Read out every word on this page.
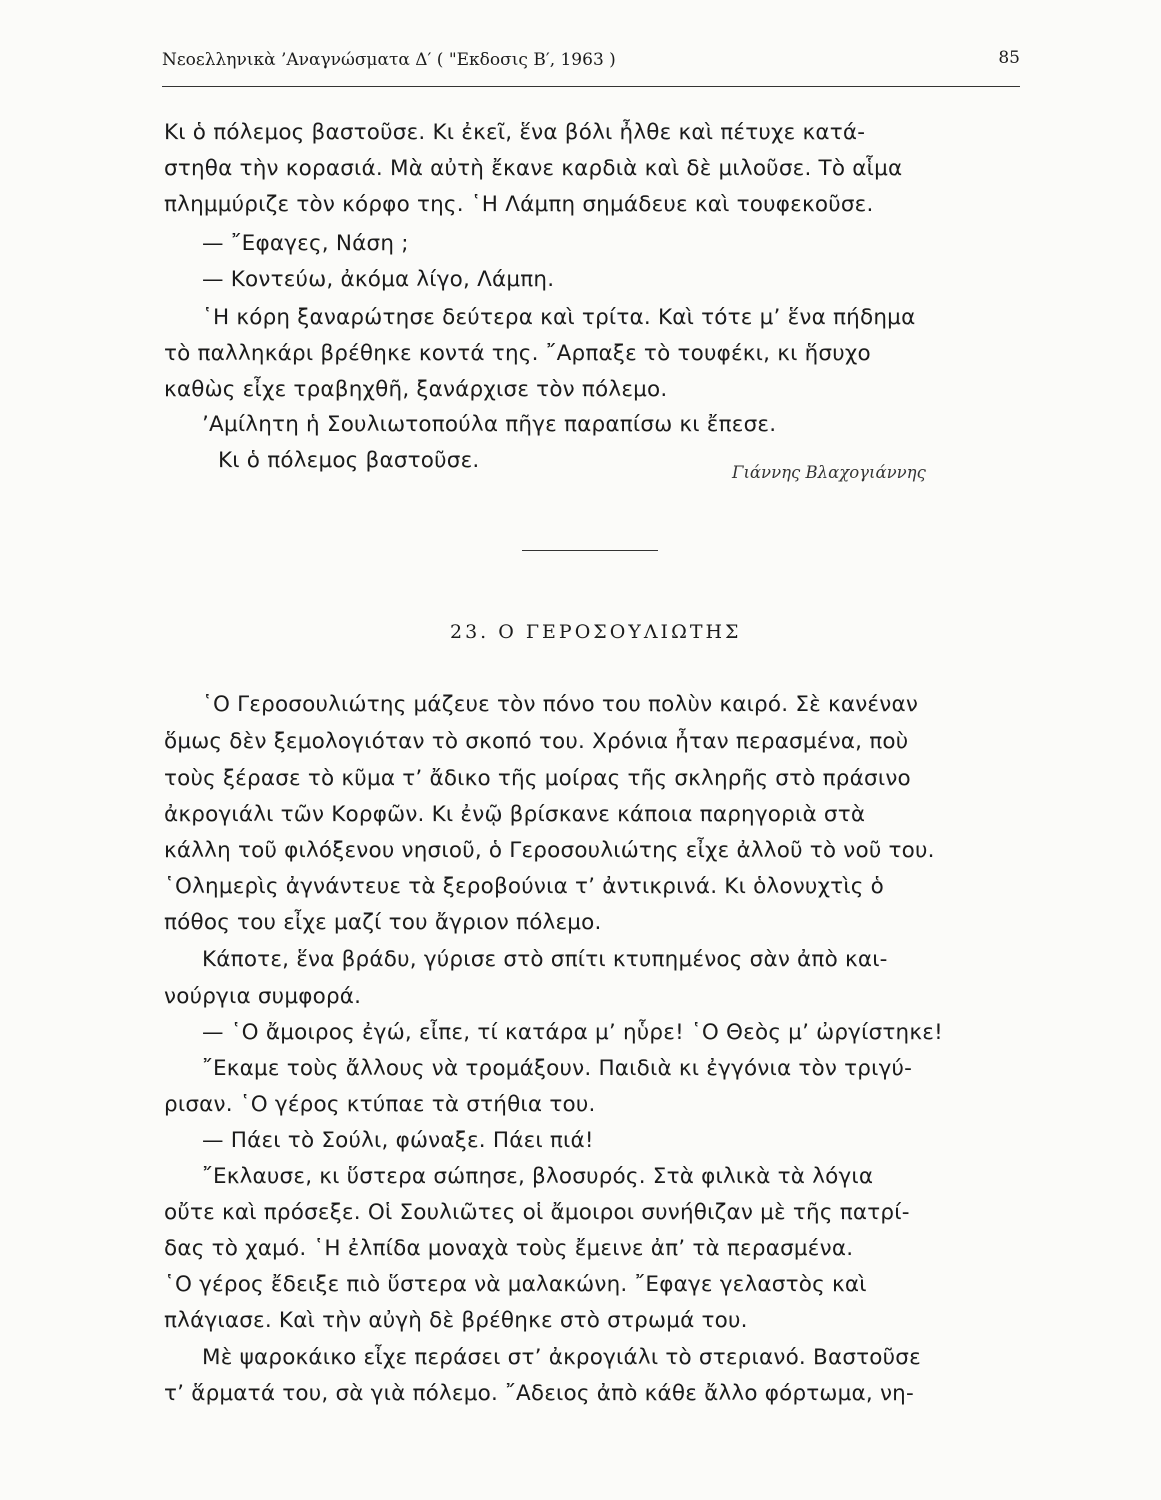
Νεοελληνικὰ ’Αναγνώσματα Δ′ ( "Εκδοσις Β′, 1963 )	85
Κι ὁ πόλεμος βαστοῦσε. Κι ἐκεῖ, ἕνα βόλι ἦλθε καὶ πέτυχε κατά-
στηθα τὴν κορασιά. Μὰ αὐτὴ ἔκανε καρδιὰ καὶ δὲ μιλοῦσε. Τὸ αἷμα
πλημμύριζε τὸν κόρφο της. ῾Η Λάμπη σημάδευε καὶ τουφεκοῦσε.
— ῎Εφαγες, Νάση ;
— Κοντεύω, ἀκόμα λίγο, Λάμπη.
῾Η κόρη ξαναρώτησε δεύτερα καὶ τρίτα. Καὶ τότε μ’ ἕνα πήδημα
τὸ παλληκάρι βρέθηκε κοντά της. ῎Αρπαξε τὸ τουφέκι, κι ἥσυχο
καθὼς εἶχε τραβηχθῆ, ξανάρχισε τὸν πόλεμο.
’Αμίλητη ἡ Σουλιωτοπούλα πῆγε παραπίσω κι ἔπεσε.
Κι ὁ πόλεμος βαστοῦσε.	Γιάννης Βλαχογιάννης
23. Ο ΓΕΡΟΣΟΥΛΙΩΤΗΣ
῾Ο Γεροσουλιώτης μάζευε τὸν πόνο του πολὺν καιρό. Σὲ κανέναν
ὅμως δὲν ξεμολογιόταν τὸ σκοπό του. Χρόνια ἦταν περασμένα, ποὺ
τοὺς ξέρασε τὸ κῦμα τ’ ἄδικο τῆς μοίρας τῆς σκληρῆς στὸ πράσινο
ἀκρογιάλι τῶν Κορφῶν. Κι ἐνῷ βρίσκανε κάποια παρηγοριὰ στὰ
κάλλη τοῦ φιλόξενου νησιοῦ, ὁ Γεροσουλιώτης εἶχε ἀλλοῦ τὸ νοῦ του.
῾Ολημερὶς ἀγνάντευε τὰ ξεροβούνια τ’ ἀντικρινά. Κι ὁλονυχτὶς ὁ
πόθος του εἶχε μαζί του ἄγριον πόλεμο.
Κάποτε, ἕνα βράδυ, γύρισε στὸ σπίτι κτυπημένος σὰν ἀπὸ και-
νούργια συμφορά.
— ῾Ο ἄμοιρος ἐγώ, εἶπε, τί κατάρα μ’ ηὗρε! ῾Ο Θεὸς μ’ ὠργίστηκε!
῎Εκαμε τοὺς ἄλλους νὰ τρομάξουν. Παιδιὰ κι ἐγγόνια τὸν τριγύ-
ρισαν. ῾Ο γέρος κτύπαε τὰ στήθια του.
— Πάει τὸ Σούλι, φώναξε. Πάει πιά!
῎Εκλαυσε, κι ὕστερα σώπησε, βλοσυρός. Στὰ φιλικὰ τὰ λόγια
οὔτε καὶ πρόσεξε. Οἱ Σουλιῶτες οἱ ἄμοιροι συνήθιζαν μὲ τῆς πατρί-
δας τὸ χαμό. ῾Η ἐλπίδα μοναχὰ τοὺς ἔμεινε ἀπ’ τὰ περασμένα.
῾Ο γέρος ἔδειξε πιὸ ὕστερα νὰ μαλακώνη. ῎Εφαγε γελαστὸς καὶ
πλάγιασε. Καὶ τὴν αὐγὴ δὲ βρέθηκε στὸ στρωμά του.
Μὲ ψαροκάικο εἶχε περάσει στ’ ἀκρογιάλι τὸ στεριανό. Βαστοῦσε
τ’ ἅρματά του, σὰ γιὰ πόλεμο. ῎Αδειος ἀπὸ κάθε ἄλλο φόρτωμα, νη-
